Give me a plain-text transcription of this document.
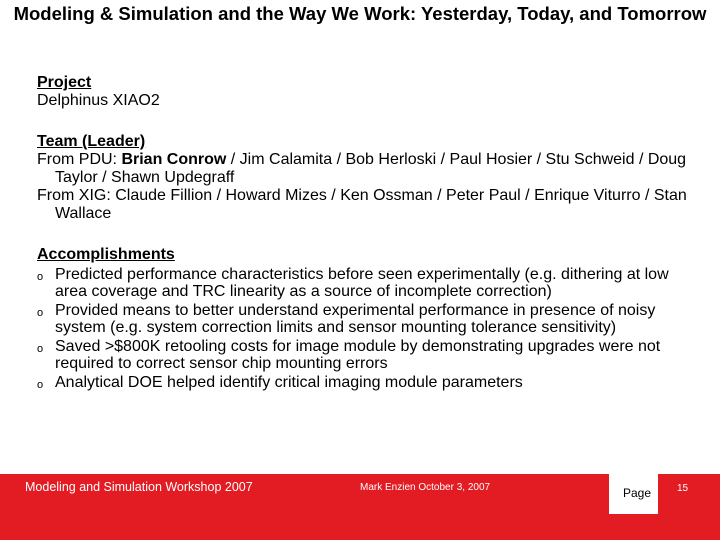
Modeling & Simulation and the Way We Work: Yesterday, Today, and Tomorrow
Project
Delphinus XIAO2
Team (Leader)
From PDU: Brian Conrow / Jim Calamita / Bob Herloski / Paul Hosier / Stu Schweid / Doug Taylor / Shawn Updegraff
From XIG: Claude Fillion / Howard Mizes / Ken Ossman / Peter Paul / Enrique Viturro / Stan Wallace
Accomplishments
o Predicted performance characteristics before seen experimentally (e.g. dithering at low area coverage and TRC linearity as a source of incomplete correction)
o Provided means to better understand experimental performance in presence of noisy system (e.g. system correction limits and sensor mounting tolerance sensitivity)
o Saved >$800K retooling costs for image module by demonstrating upgrades were not required to correct sensor chip mounting errors
o Analytical DOE helped identify critical imaging module parameters
Modeling and Simulation Workshop 2007	Mark Enzien October 3, 2007	Page	15
